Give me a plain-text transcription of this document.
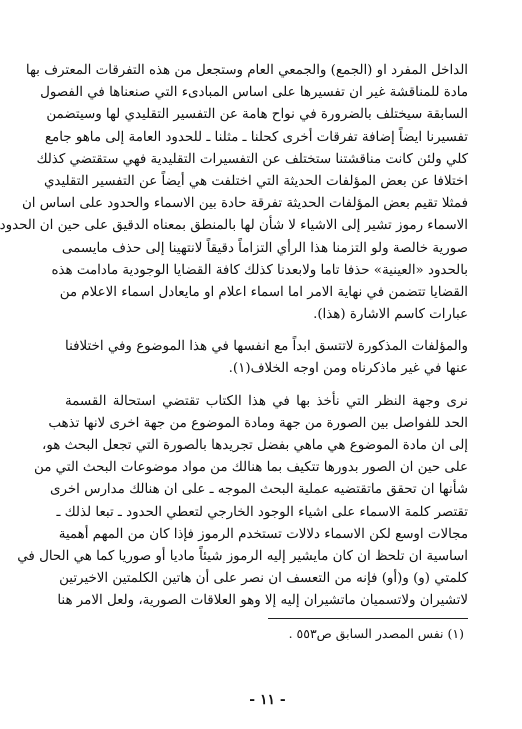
الداخل المفرد او (الجمع) والجمعي العام وستجعل من هذه التفرقات المعترف بها
مادة للمناقشة غير ان تفسيرها على اساس المبادىء التي صنعناها في الفصول
السابقة سيختلف بالضرورة في نواح هامة عن التفسير التقليدي لها وسيتضمن
تفسيرنا ايضاً إضافة تفرقات أخرى كحلنا ـ مثلنا ـ للحدود العامة إلى ماهو جامع
كلي ولئن كانت مناقشتنا ستختلف عن التفسيرات التقليدية فهي ستقتضي كذلك
اختلافا عن بعض المؤلفات الحديثة التي اختلفت هي أيضاً عن التفسير التقليدي
فمثلا تقيم بعض المؤلفات الحديثة تفرقة حادة بين الاسماء والحدود على اساس ان
الاسماء رموز تشير إلى الاشياء لا شأن لها بالمنطق بمعناه الدقيق على حين ان الحدود
صورية خالصة ولو التزمنا هذا الرأي التزاماً دقيقاً لانتهينا إلى حذف مايسمى
بالحدود «العينية» حذفا تاما ولابعدنا كذلك كافة القضايا الوجودية مادامت هذه
القضايا تتضمن في نهاية الامر اما اسماء اعلام او مايعادل اسماء الاعلام من
عبارات كاسم الاشارة (هذا).
والمؤلفات المذكورة لاتتسق ابداً مع انفسها في هذا الموضوع وفي اختلافنا
عنها في غير ماذكرناه ومن اوجه الخلاف(١).
نرى وجهة النظر التي نأخذ بها في هذا الكتاب تقتضي استحالة القسمة
الحد للفواصل بين الصورة من جهة ومادة الموضوع من جهة اخرى لانها تذهب
إلى ان مادة الموضوع هي ماهي بفضل تجريدها بالصورة التي تجعل البحث هو،
على حين ان الصور بدورها تتكيف بما هنالك من مواد موضوعات البحث التي من
شأنها ان تحقق ماتقتضيه عملية البحث الموجه ـ على ان هنالك مدارس اخرى
تقتصر كلمة الاسماء على اشياء الوجود الخارجي لتعطي الحدود ـ تبعا لذلك ـ
مجالات اوسع لكن الاسماء دلالات تستخدم الرموز فإذا كان من المهم أهمية
اساسية ان تلحظ ان كان مايشير إليه الرموز شيئاً ماديا أو صوريا كما هي الحال في
كلمتي (و) و(أو) فإنه من التعسف ان نصر على أن هاتين الكلمتين الاخيرتين
لاتشيران ولاتسميان ماتشيران إليه إلا وهو العلاقات الصورية، ولعل الامر هنا
(١) نفس المصدر السابق ص٥٥٣ .
- ١١ -
